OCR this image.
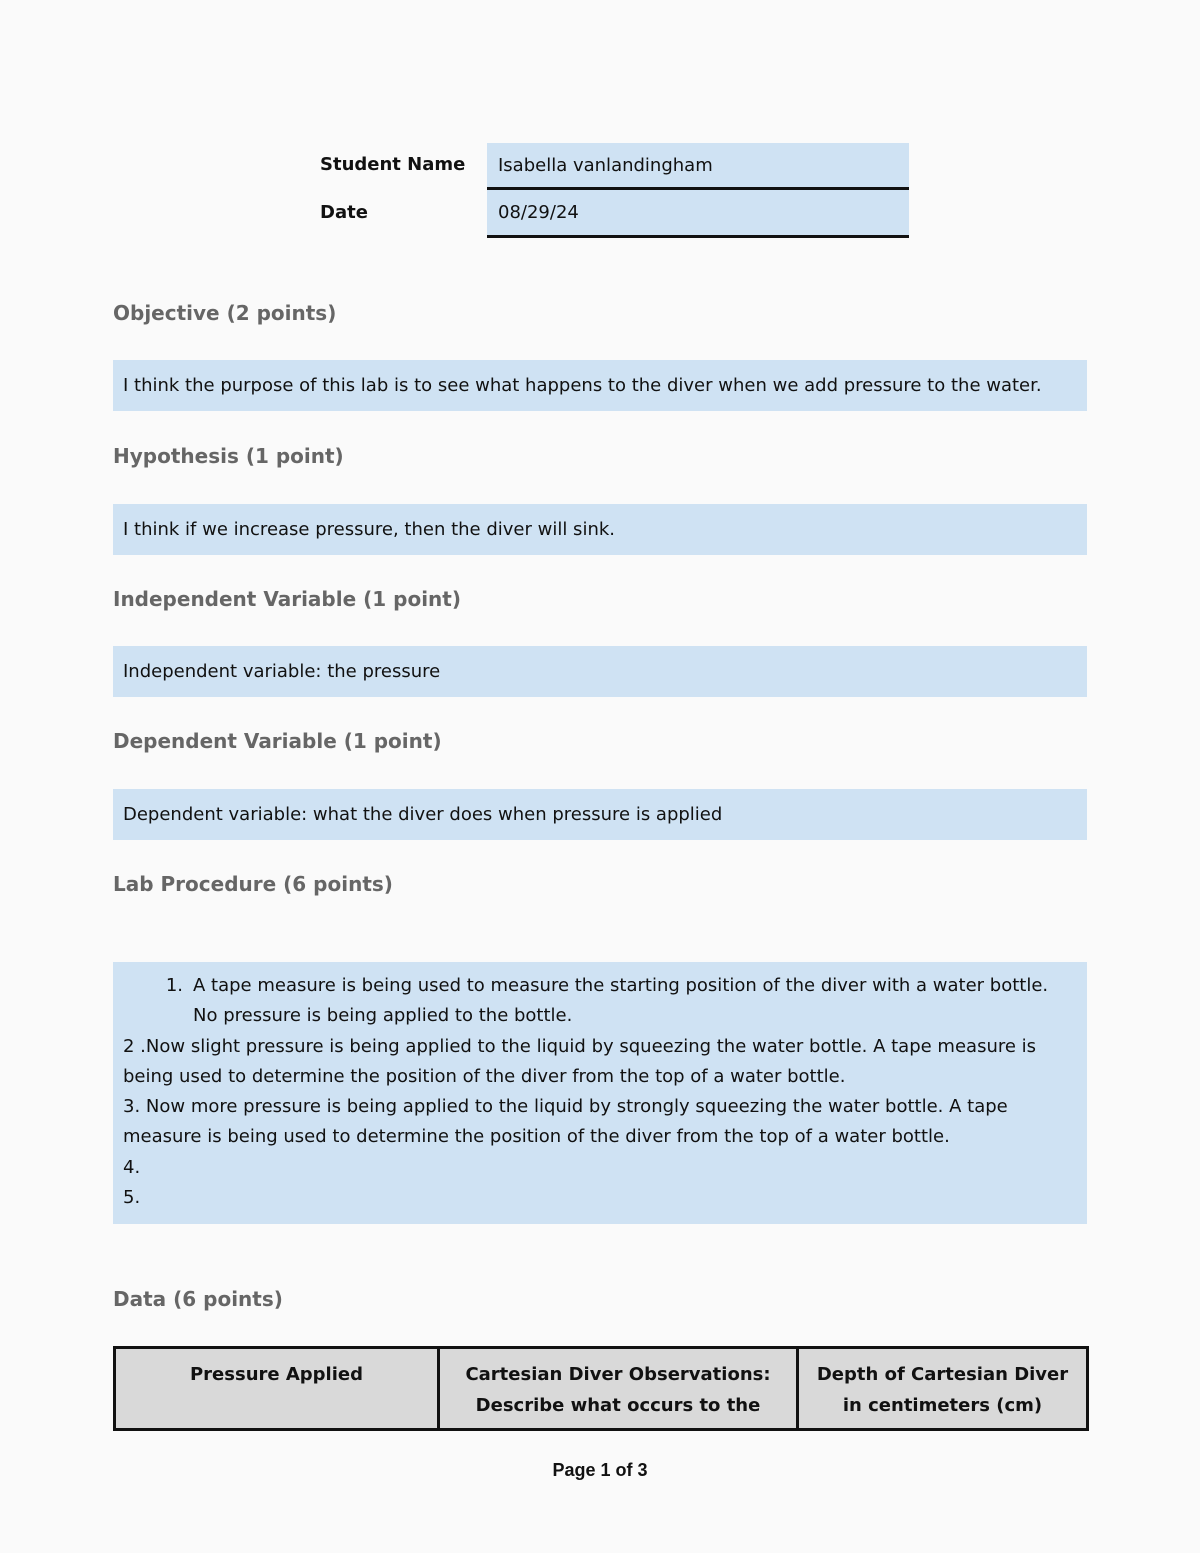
Student Name	Isabella vanlandingham
Date	08/29/24
Objective (2 points)
I think the purpose of this lab is to see what happens to the diver when we add pressure to the water.
Hypothesis (1 point)
I think if we increase pressure, then the diver will sink.
Independent Variable (1 point)
Independent variable: the pressure
Dependent Variable (1 point)
Dependent variable: what the diver does when pressure is applied
Lab Procedure (6 points)
1. A tape measure is being used to measure the starting position of the diver with a water bottle. No pressure is being applied to the bottle.
2 .Now slight pressure is being applied to the liquid by squeezing the water bottle. A tape measure is being used to determine the position of the diver from the top of a water bottle.
3. Now more pressure is being applied to the liquid by strongly squeezing the water bottle. A tape measure is being used to determine the position of the diver from the top of a water bottle.
4.
5.
Data (6 points)
Pressure Applied	Cartesian Diver Observations: Describe what occurs to the	Depth of Cartesian Diver in centimeters (cm)
Page 1 of 3
